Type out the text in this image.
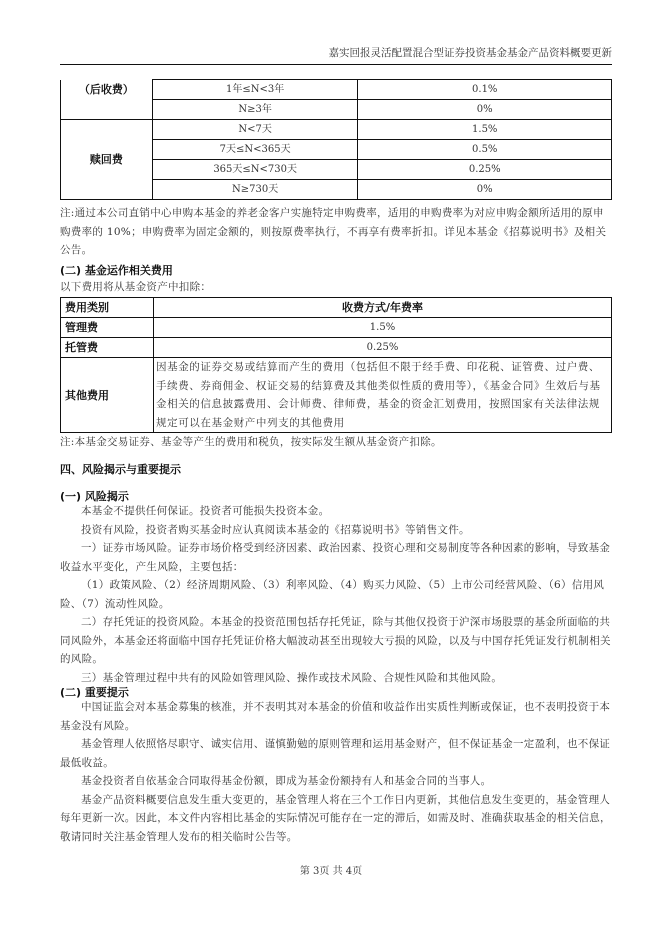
嘉实回报灵活配置混合型证券投资基金基金产品资料概要更新
（后收费）	1年≤N<3年	0.1%
	N≥3年	0%
赎回费	N<7天	1.5%
	7天≤N<365天	0.5%
	365天≤N<730天	0.25%
	N≥730天	0%

注:通过本公司直销中心申购本基金的养老金客户实施特定申购费率，适用的申购费率为对应申购金额所适用的原申购费率的 10%；申购费率为固定金额的，则按原费率执行，不再享有费率折扣。详见本基金《招募说明书》及相关公告。

(二) 基金运作相关费用

以下费用将从基金资产中扣除：

费用类别	收费方式/年费率
管理费	1.5%
托管费	0.25%
其他费用	因基金的证券交易或结算而产生的费用（包括但不限于经手费、印花税、证管费、过户费、手续费、券商佣金、权证交易的结算费及其他类似性质的费用等），《基金合同》生效后与基金相关的信息披露费用、会计师费、律师费，基金的资金汇划费用，按照国家有关法律法规规定可以在基金财产中列支的其他费用

注:本基金交易证券、基金等产生的费用和税负，按实际发生额从基金资产扣除。

四、风险揭示与重要提示
(一) 风险揭示

本基金不提供任何保证。投资者可能损失投资本金。

投资有风险，投资者购买基金时应认真阅读本基金的《招募说明书》等销售文件。

一）证券市场风险。证券市场价格受到经济因素、政治因素、投资心理和交易制度等各种因素的影响，导致基金收益水平变化，产生风险，主要包括：

（1）政策风险、（2）经济周期风险、（3）利率风险、（4）购买力风险、（5）上市公司经营风险、（6）信用风险、（7）流动性风险。

二）存托凭证的投资风险。本基金的投资范围包括存托凭证，除与其他仅投资于沪深市场股票的基金所面临的共同风险外，本基金还将面临中国存托凭证价格大幅波动甚至出现较大亏损的风险，以及与中国存托凭证发行机制相关的风险。

三）基金管理过程中共有的风险如管理风险、操作或技术风险、合规性风险和其他风险。

(二) 重要提示

中国证监会对本基金募集的核准，并不表明其对本基金的价值和收益作出实质性判断或保证，也不表明投资于本基金没有风险。

基金管理人依照恪尽职守、诚实信用、谨慎勤勉的原则管理和运用基金财产，但不保证基金一定盈利，也不保证最低收益。

基金投资者自依基金合同取得基金份额，即成为基金份额持有人和基金合同的当事人。

基金产品资料概要信息发生重大变更的，基金管理人将在三个工作日内更新，其他信息发生变更的，基金管理人每年更新一次。因此，本文件内容相比基金的实际情况可能存在一定的滞后，如需及时、准确获取基金的相关信息，敬请同时关注基金管理人发布的相关临时公告等。

第 3页 共 4页
